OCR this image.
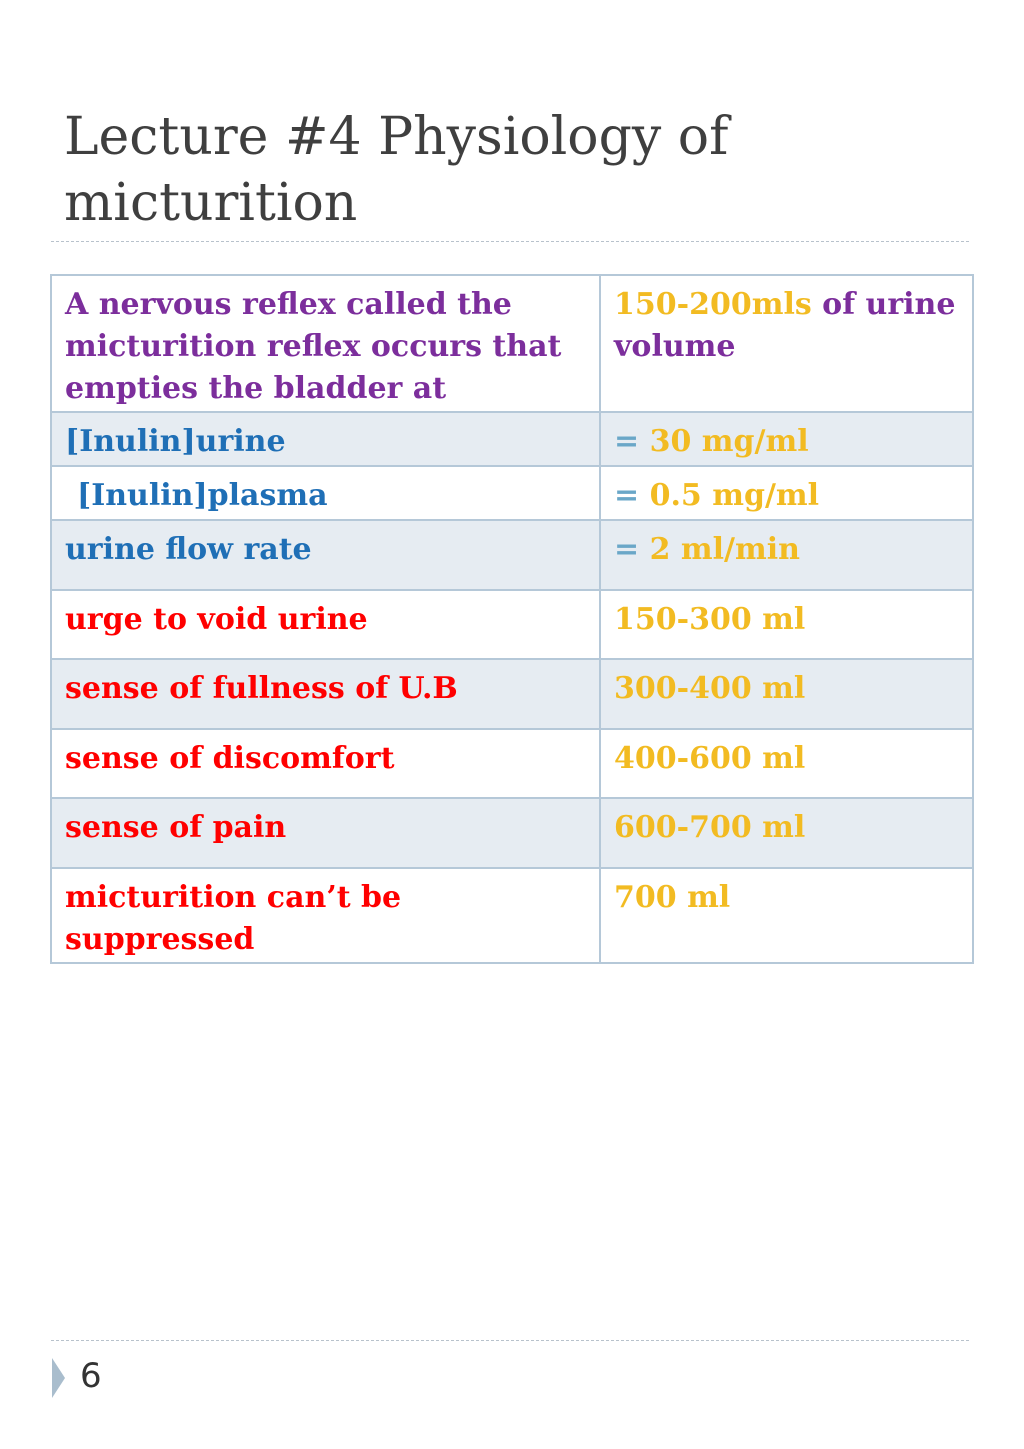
Lecture #4 Physiology of micturition
A nervous reflex called the micturition reflex occurs that empties the bladder at	150-200mls of urine volume
[Inulin]urine	= 30 mg/ml
[Inulin]plasma	= 0.5 mg/ml
urine flow rate	= 2 ml/min
urge to void urine	150-300 ml
sense of fullness of U.B	300-400 ml
sense of discomfort	400-600 ml
sense of pain	600-700 ml
micturition can’t be suppressed	700 ml
6
